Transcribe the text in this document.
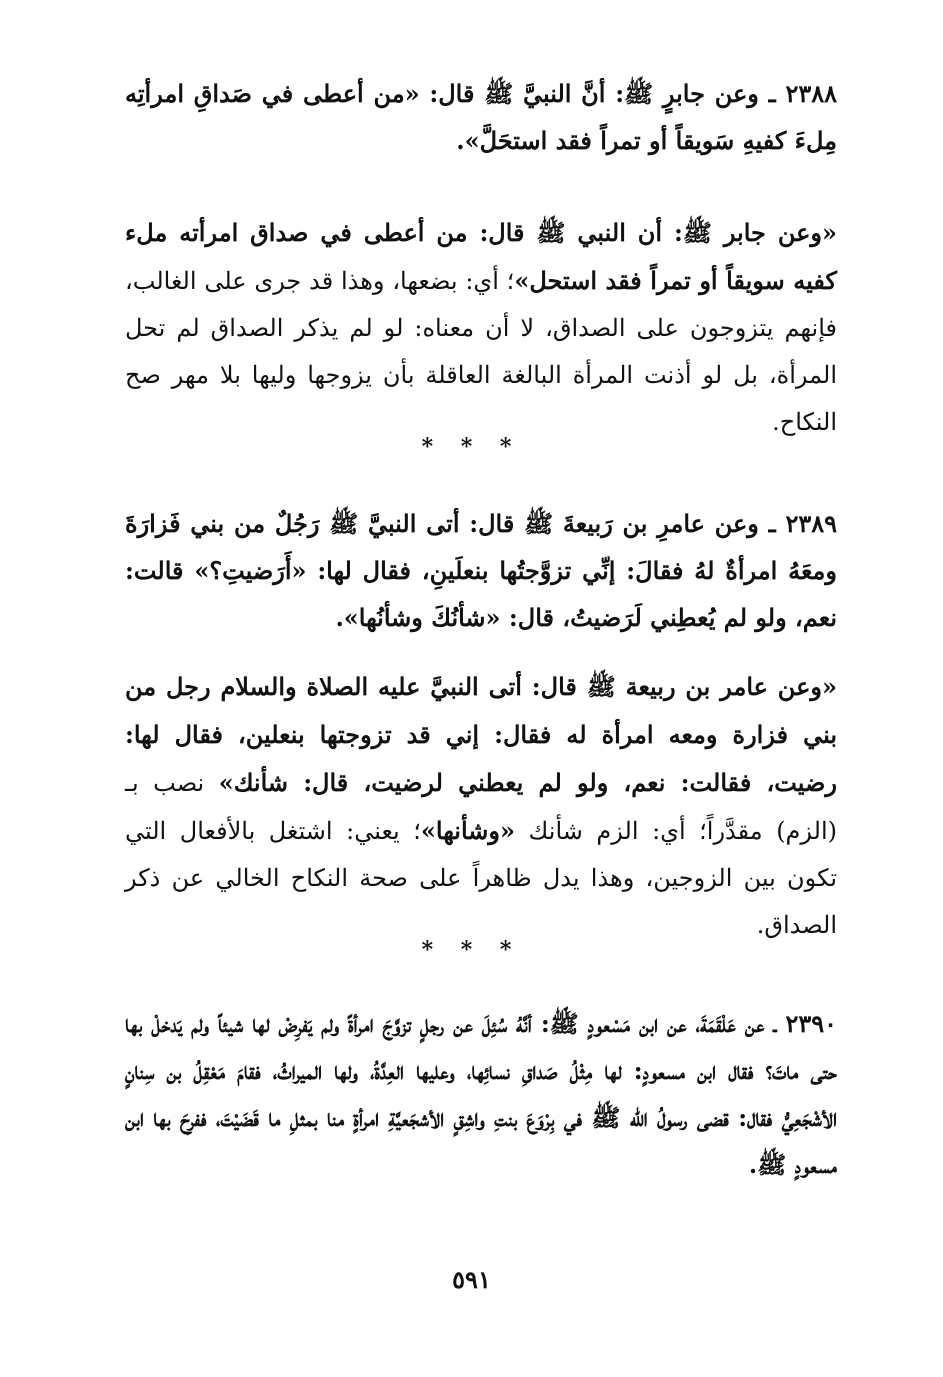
٢٣٨٨ ـ وعن جابرٍ ﷺ: أنَّ النبيَّ ﷺ قال: «من أعطى في صَداقِ امرأتِه مِلءَ كفيهِ سَويقاً أو تمراً فقد استحَلَّ».

«وعن جابر ﷺ: أن النبي ﷺ قال: من أعطى في صداق امرأته ملء كفيه سويقاً أو تمراً فقد استحل»؛ أي: بضعها، وهذا قد جرى على الغالب، فإنهم يتزوجون على الصداق، لا أن معناه: لو لم يذكر الصداق لم تحل المرأة، بل لو أذنت المرأة البالغة العاقلة بأن يزوجها وليها بلا مهر صح النكاح.

* * *

٢٣٨٩ ـ وعن عامرِ بن رَبيعةَ ﷺ قال: أتى النبيَّ ﷺ رَجُلٌ من بني فَزارَةَ ومعَهُ امرأةٌ لهُ فقالَ: إنِّي تزوَّجتُها بنعلَينِ، فقال لها: «أَرَضيتِ؟» قالت: نعم، ولو لم يُعطِني لَرَضيتُ، قال: «شأنُكَ وشأنُها».

«وعن عامر بن ربيعة ﷺ قال: أتى النبيَّ عليه الصلاة والسلام رجل من بني فزارة ومعه امرأة له فقال: إني قد تزوجتها بنعلين، فقال لها: رضيت، فقالت: نعم، ولو لم يعطني لرضيت، قال: شأنك» نصب بـ (الزم) مقدَّراً؛ أي: الزم شأنك «وشأنها»؛ يعني: اشتغل بالأفعال التي تكون بين الزوجين، وهذا يدل ظاهراً على صحة النكاح الخالي عن ذكر الصداق.

* * *

٢٣٩٠ ـ عن عَلْقَمَةَ، عن ابن مَسْعودٍ ﷺ: أنَّهُ سُئِلَ عن رجلٍ تزوَّجَ امرأةً ولم يَفرِضْ لها شيئاً ولم يَدخلْ بها حتى ماتَ؟ فقال ابن مسعودٍ: لها مِثْلُ صَداقِ نسائِها، وعليها العِدَّةُ، ولها الميراثُ، فقامَ مَعْقِلُ بن سِنانٍ الأشْجَعِيُّ فقال: قضى رسولُ الله ﷺ في بِرْوَعَ بنتِ واشِقٍ الأشجَعيَّةِ امرأةٍ منا بمثلِ ما قَضَيْتَ، ففرِحَ بها ابن مسعودٍ ﷺ.

٥٩١
